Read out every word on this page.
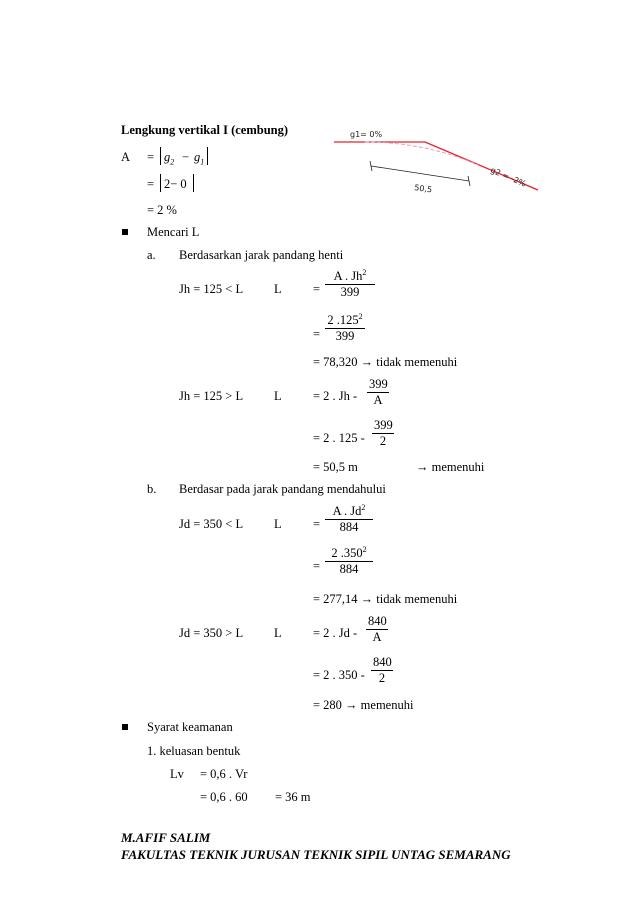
Lengkung vertikal I (cembung)	g1= 0%
50,5
g2 = -2%
$A = g_2 - g_1$
= 2− 0
= 2 %
Mencari L
a. Berdasarkan jarak pandang henti
Jh = 125 < L L	= $\frac{A . Jh^2}{399}$
= $\frac{2 .125^2}{399}$
= 78,320 → tidak memenuhi
Jh = 125 > L L	= 2 . Jh - $\frac{399}{A}$
= 2 . $125 - \frac{399}{2}$
= 50,5 m	→ memenuhi
b. Berdasar pada jarak pandang mendahului
Jd = 350 < L L	= $\frac{A . Jd^2}{884}$
= $\frac{2 .350^2}{884}$
= 277,14 → tidak memenuhi
Jd = 350 > L L	= 2 . Jd - $\frac{840}{A}$
= 2 . $350 - \frac{840}{2}$
= 280 → memenuhi
Syarat keamanan
1. keluasan bentuk
Lv = 0,6 . Vr
= 0,6 . 60 = 36 m
M.AFIF SALIM
FAKULTAS TEKNIK JURUSAN TEKNIK SIPIL UNTAG SEMARANG
